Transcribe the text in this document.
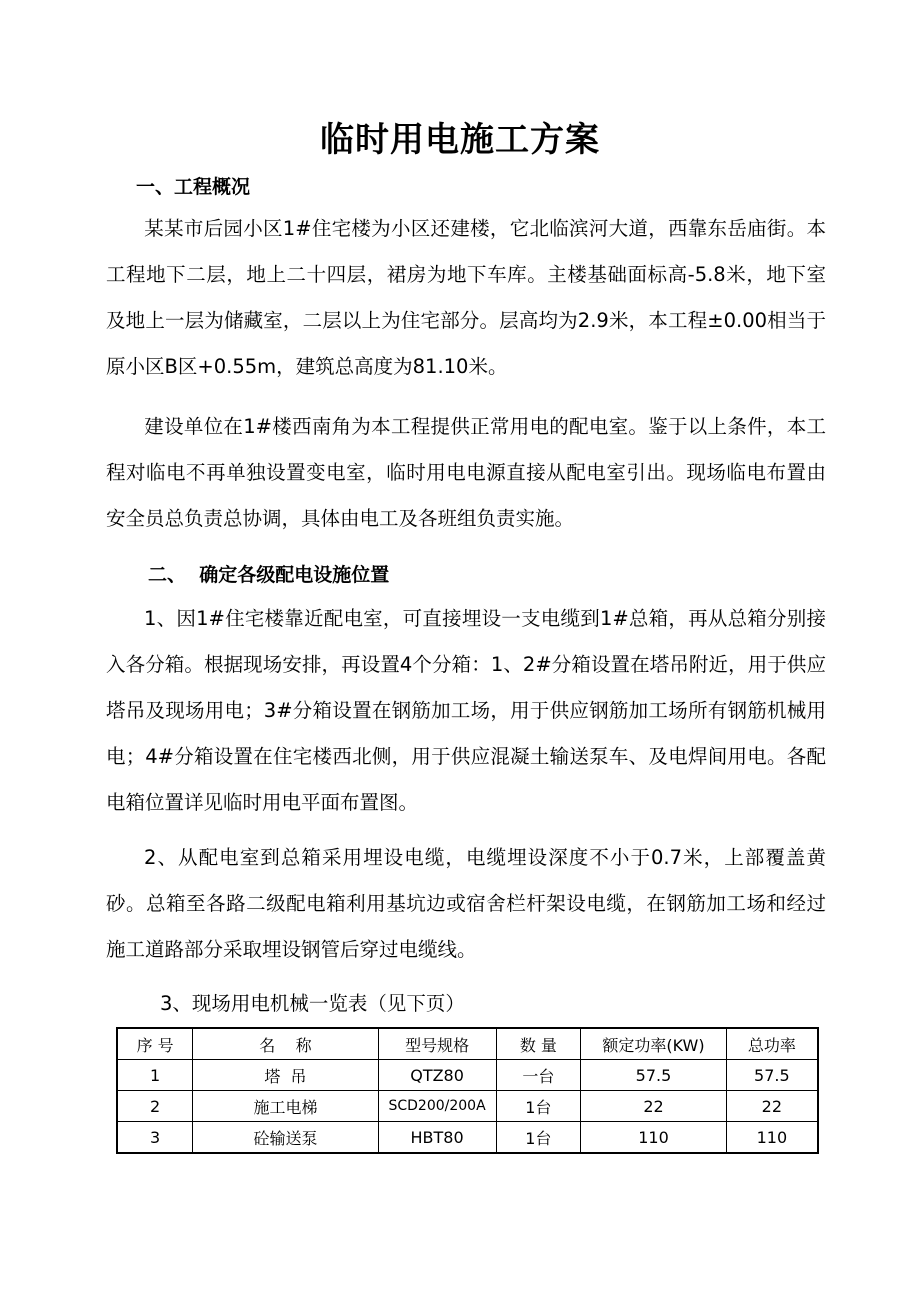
临时用电施工方案
一、工程概况
某某市后园小区1#住宅楼为小区还建楼，它北临滨河大道，西靠东岳庙街。本工程地下二层，地上二十四层，裙房为地下车库。主楼基础面标高-5.8米，地下室及地上一层为储藏室，二层以上为住宅部分。层高均为2.9米，本工程±0.00相当于原小区B区+0.55m，建筑总高度为81.10米。
建设单位在1#楼西南角为本工程提供正常用电的配电室。鉴于以上条件，本工程对临电不再单独设置变电室，临时用电电源直接从配电室引出。现场临电布置由安全员总负责总协调，具体由电工及各班组负责实施。
二、  确定各级配电设施位置
1、因1#住宅楼靠近配电室，可直接埋设一支电缆到1#总箱，再从总箱分别接入各分箱。根据现场安排，再设置4个分箱：1、2#分箱设置在塔吊附近，用于供应塔吊及现场用电；3#分箱设置在钢筋加工场，用于供应钢筋加工场所有钢筋机械用电；4#分箱设置在住宅楼西北侧，用于供应混凝土输送泵车、及电焊间用电。各配电箱位置详见临时用电平面布置图。
2、从配电室到总箱采用埋设电缆，电缆埋设深度不小于0.7米，上部覆盖黄砂。总箱至各路二级配电箱利用基坑边或宿舍栏杆架设电缆，在钢筋加工场和经过施工道路部分采取埋设钢管后穿过电缆线。
3、现场用电机械一览表（见下页）
序 号	名    称	型号规格	数 量	额定功率(KW)	总功率
1	塔  吊	QTZ80	一台	57.5	57.5
2	施工电梯	SCD200/200A	1台	22	22
3	砼输送泵	HBT80	1台	110	110
